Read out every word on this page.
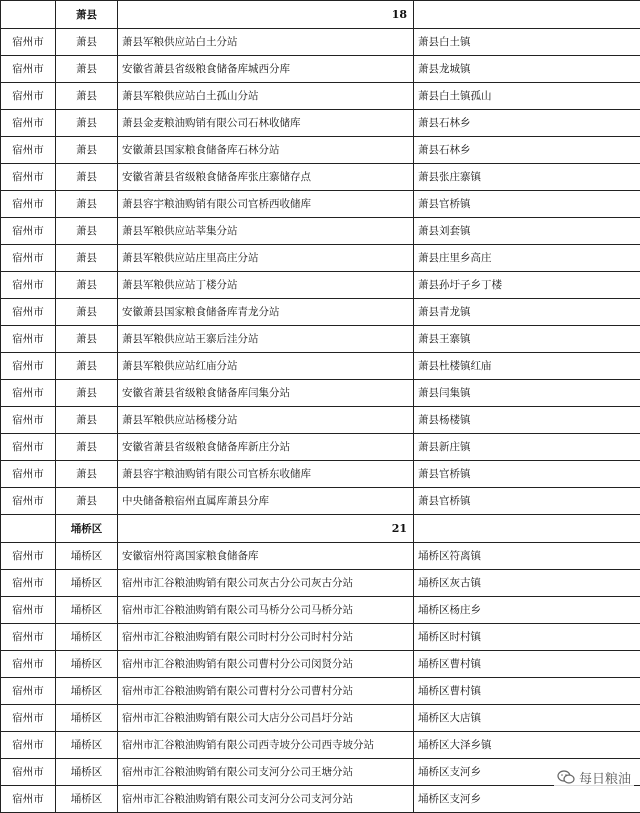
	萧县	18	
宿州市	萧县	萧县军粮供应站白土分站	萧县白土镇
宿州市	萧县	安徽省萧县省级粮食储备库城西分库	萧县龙城镇
宿州市	萧县	萧县军粮供应站白土孤山分站	萧县白土镇孤山
宿州市	萧县	萧县金麦粮油购销有限公司石林收储库	萧县石林乡
宿州市	萧县	安徽萧县国家粮食储备库石林分站	萧县石林乡
宿州市	萧县	安徽省萧县省级粮食储备库张庄寨储存点	萧县张庄寨镇
宿州市	萧县	萧县容宇粮油购销有限公司官桥西收储库	萧县官桥镇
宿州市	萧县	萧县军粮供应站莘集分站	萧县刘套镇
宿州市	萧县	萧县军粮供应站庄里高庄分站	萧县庄里乡高庄
宿州市	萧县	萧县军粮供应站丁楼分站	萧县孙圩子乡丁楼
宿州市	萧县	安徽萧县国家粮食储备库青龙分站	萧县青龙镇
宿州市	萧县	萧县军粮供应站王寨后洼分站	萧县王寨镇
宿州市	萧县	萧县军粮供应站红庙分站	萧县杜楼镇红庙
宿州市	萧县	安徽省萧县省级粮食储备库闫集分站	萧县闫集镇
宿州市	萧县	萧县军粮供应站杨楼分站	萧县杨楼镇
宿州市	萧县	安徽省萧县省级粮食储备库新庄分站	萧县新庄镇
宿州市	萧县	萧县容宇粮油购销有限公司官桥东收储库	萧县官桥镇
宿州市	萧县	中央储备粮宿州直属库萧县分库	萧县官桥镇
	埇桥区	21	
宿州市	埇桥区	安徽宿州符离国家粮食储备库	埇桥区符离镇
宿州市	埇桥区	宿州市汇谷粮油购销有限公司灰古分公司灰古分站	埇桥区灰古镇
宿州市	埇桥区	宿州市汇谷粮油购销有限公司马桥分公司马桥分站	埇桥区杨庄乡
宿州市	埇桥区	宿州市汇谷粮油购销有限公司时村分公司时村分站	埇桥区时村镇
宿州市	埇桥区	宿州市汇谷粮油购销有限公司曹村分公司闵贤分站	埇桥区曹村镇
宿州市	埇桥区	宿州市汇谷粮油购销有限公司曹村分公司曹村分站	埇桥区曹村镇
宿州市	埇桥区	宿州市汇谷粮油购销有限公司大店分公司昌圩分站	埇桥区大店镇
宿州市	埇桥区	宿州市汇谷粮油购销有限公司西寺坡分公司西寺坡分站	埇桥区大泽乡镇
宿州市	埇桥区	宿州市汇谷粮油购销有限公司支河分公司王塘分站	埇桥区支河乡
宿州市	埇桥区	宿州市汇谷粮油购销有限公司支河分公司支河分站	埇桥区支河乡
每日粮油
